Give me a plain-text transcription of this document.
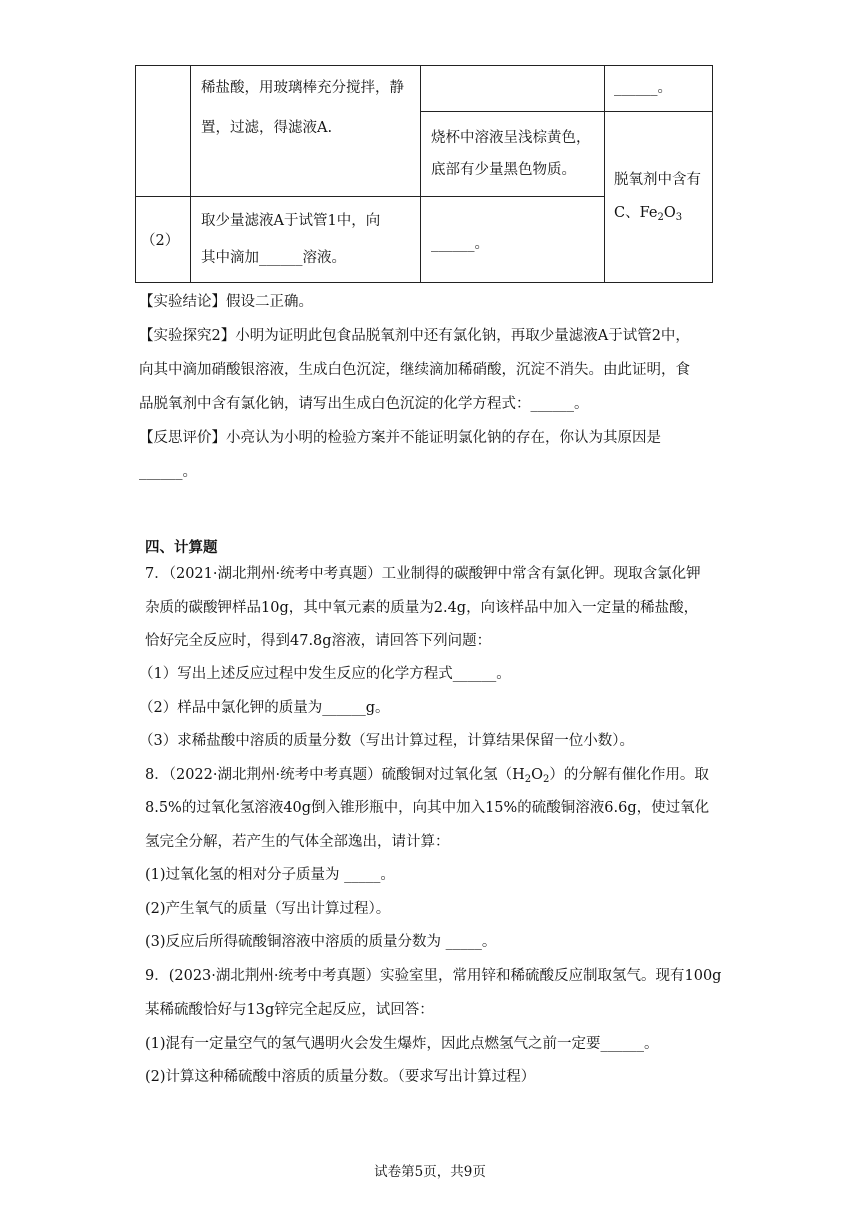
稀盐酸，用玻璃棒充分搅拌，静
置，过滤，得滤液A.
______。
烧杯中溶液呈浅棕黄色，
底部有少量黑色物质。
脱氧剂中含有
C、$Fe_2O_3$
（2）
取少量滤液A于试管1中，向
其中滴加______溶液。
______。
【实验结论】假设二正确。
【实验探究2】小明为证明此包食品脱氧剂中还有氯化钠，再取少量滤液A于试管2中，
向其中滴加硝酸银溶液，生成白色沉淀，继续滴加稀硝酸，沉淀不消失。由此证明，食
品脱氧剂中含有氯化钠，请写出生成白色沉淀的化学方程式：______。
【反思评价】小亮认为小明的检验方案并不能证明氯化钠的存在，你认为其原因是
______。
四、计算题
7．（2021·湖北荆州·统考中考真题）工业制得的碳酸钾中常含有氯化钾。现取含氯化钾
杂质的碳酸钾样品10g，其中氧元素的质量为2.4g，向该样品中加入一定量的稀盐酸，
恰好完全反应时，得到47.8g溶液，请回答下列问题：
（1）写出上述反应过程中发生反应的化学方程式______。
（2）样品中氯化钾的质量为______g。
（3）求稀盐酸中溶质的质量分数（写出计算过程，计算结果保留一位小数）。
8．（2022·湖北荆州·统考中考真题）硫酸铜对过氧化氢$(H_2O_2)$的分解有催化作用。取
8.5%的过氧化氢溶液40g倒入锥形瓶中，向其中加入15%的硫酸铜溶液6.6g，使过氧化
氢完全分解，若产生的气体全部逸出，请计算：
(1)过氧化氢的相对分子质量为 _____。
(2)产生氧气的质量（写出计算过程）。
(3)反应后所得硫酸铜溶液中溶质的质量分数为 _____。
9．(2023·湖北荆州·统考中考真题）实验室里，常用锌和稀硫酸反应制取氢气。现有100g
某稀硫酸恰好与13g锌完全起反应，试回答：
(1)混有一定量空气的氢气遇明火会发生爆炸，因此点燃氢气之前一定要______。
(2)计算这种稀硫酸中溶质的质量分数。（要求写出计算过程）
试卷第5页，共9页
